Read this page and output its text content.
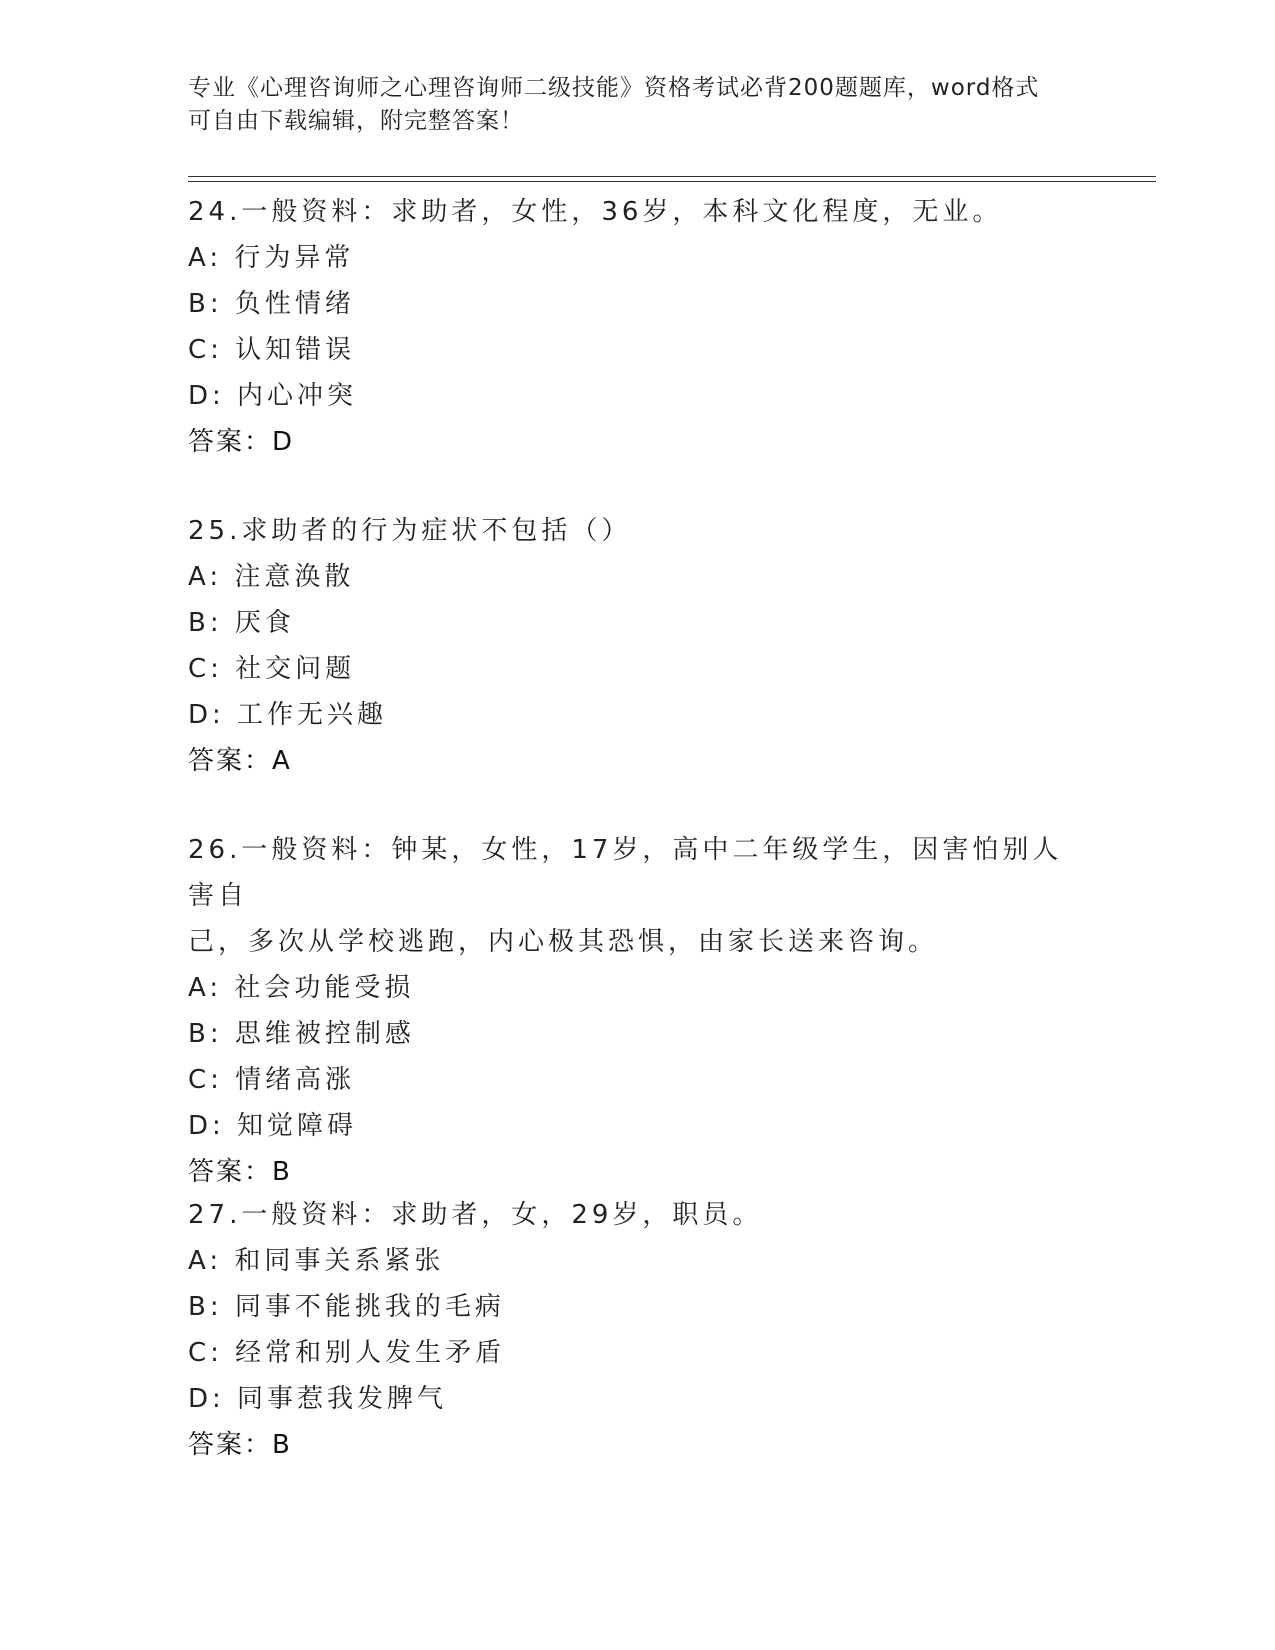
专业《心理咨询师之心理咨询师二级技能》资格考试必背200题题库，word格式
可自由下载编辑，附完整答案！
24.一般资料：求助者，女性，36岁，本科文化程度，无业。
A: 行为异常
B: 负性情绪
C: 认知错误
D: 内心冲突
答案：D
25.求助者的行为症状不包括（）
A: 注意涣散
B: 厌食
C: 社交问题
D: 工作无兴趣
答案：A
26.一般资料：钟某，女性，17岁，高中二年级学生，因害怕别人害自
己，多次从学校逃跑，内心极其恐惧，由家长送来咨询。
A: 社会功能受损
B: 思维被控制感
C: 情绪高涨
D: 知觉障碍
答案：B
27.一般资料：求助者，女，29岁，职员。
A: 和同事关系紧张
B: 同事不能挑我的毛病
C: 经常和别人发生矛盾
D: 同事惹我发脾气
答案：B
